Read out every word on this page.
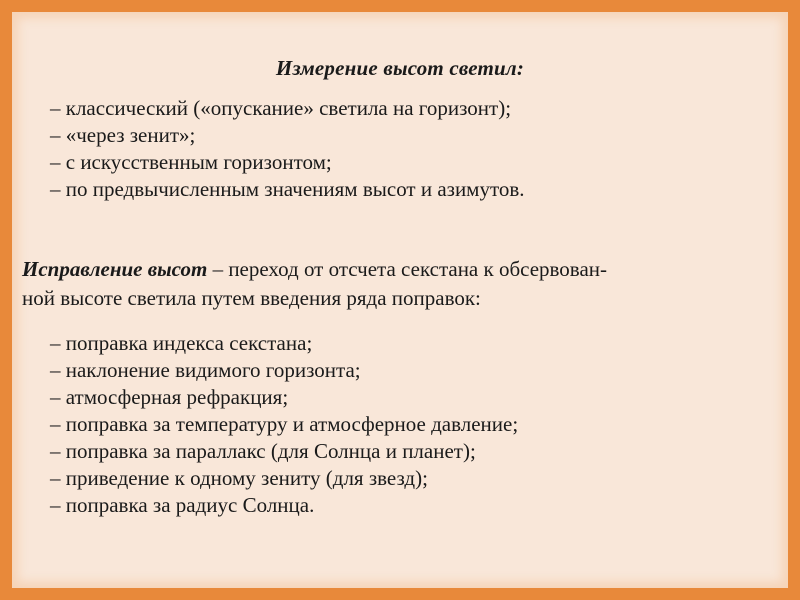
Измерение высот светил:
– классический («опускание» светила на горизонт);
– «через зенит»;
– с искусственным горизонтом;
– по предвычисленным значениям высот и азимутов.
Исправление высот – переход от отсчета секстана к обсервован-
ной высоте светила путем введения ряда поправок:
– поправка индекса секстана;
– наклонение видимого горизонта;
– атмосферная рефракция;
– поправка за температуру и атмосферное давление;
– поправка за параллакс (для Солнца и планет);
– приведение к одному зениту (для звезд);
– поправка за радиус Солнца.
